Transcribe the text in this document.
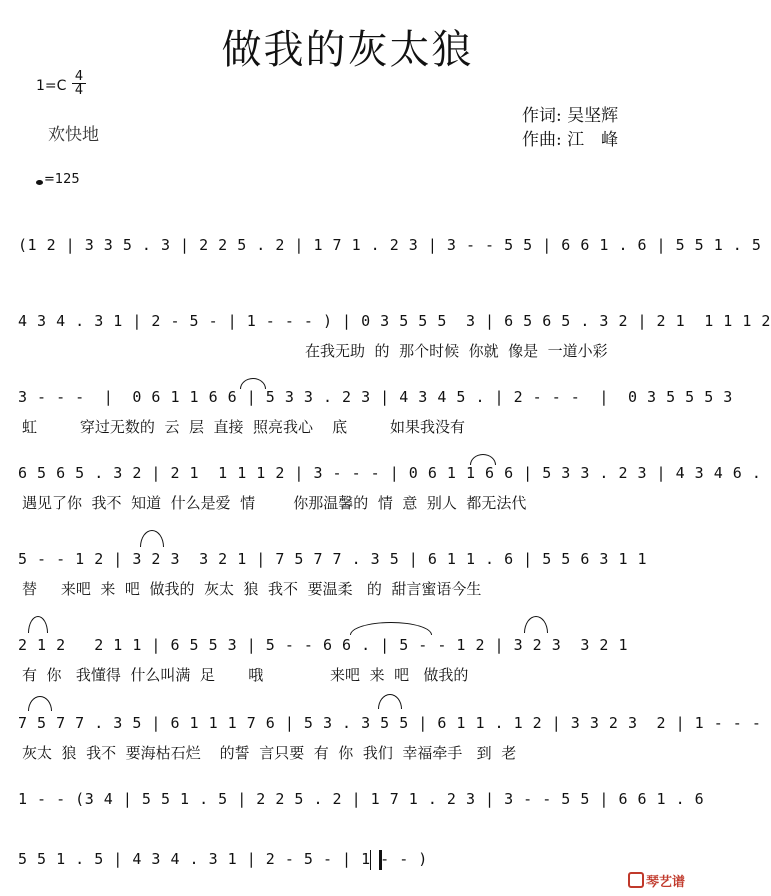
做我的灰太狼
$1=C \frac{4}{4}$
欢快地
=125
作词: 吴坚辉
作曲: 江　峰
(1 2 | 3 3 5 . 3 | 2 2 5 . 2 | 1 7 1 . 2 3 | 3 - - 5 5 | 6 6 1 . 6 | 5 5 1 . 5
4 3 4 . 3 1 | 2 - 5 - | 1 - - - ) | 0 3 5 5 5  3 | 6 5 6 5 . 3 2 | 2 1  1 1 1 2
在我无助  的  那个时候  你就  像是  一道小彩
3 - - -  |  0 6 1 1 6 6 | 5 3 3 . 2 3 | 4 3 4 5 . | 2 - - -  |  0 3 5 5 5 3
虹         穿过无数的  云  层  直接  照亮我心    底         如果我没有
6 5 6 5 . 3 2 | 2 1  1 1 1 2 | 3 - - - | 0 6 1 1 6 6 | 5 3 3 . 2 3 | 4 3 4 6 .
遇见了你  我不  知道  什么是爱  情        你那温馨的  情  意  别人  都无法代
5 - - 1 2 | 3 2 3  3 2 1 | 7 5 7 7 . 3 5 | 6 1 1 . 6 | 5 5 6 3 1 1
替     来吧  来  吧  做我的  灰太  狼  我不  要温柔   的  甜言蜜语今生
2 1 2   2 1 1 | 6 5 5 3 | 5 - - 6 6 . | 5 - - 1 2 | 3 2 3  3 2 1
有  你   我懂得  什么叫满  足       哦              来吧  来  吧   做我的
7 5 7 7 . 3 5 | 6 1 1 1 7 6 | 5 3 . 3 5 5 | 6 1 1 . 1 2 | 3 3 2 3  2 | 1 - - -
灰太  狼  我不  要海枯石烂    的誓  言只要  有  你  我们  幸福牵手   到  老
1 - - (3 4 | 5 5 1 . 5 | 2 2 5 . 2 | 1 7 1 . 2 3 | 3 - - 5 5 | 6 6 1 . 6
5 5 1 . 5 | 4 3 4 . 3 1 | 2 - 5 - | 1 - - )
琴艺谱
